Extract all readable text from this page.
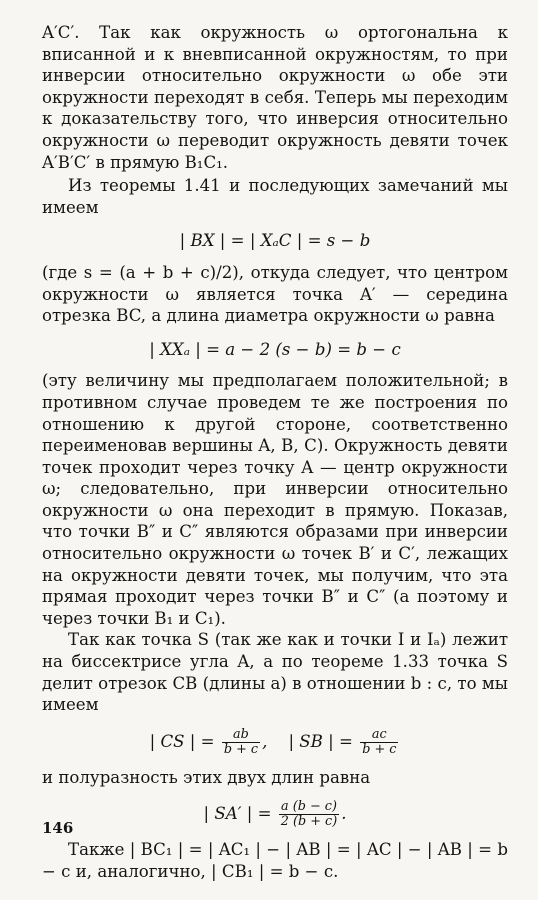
A′C′. Так как окружность ω ортогональна к вписанной и к вневписанной окружностям, то при инверсии относительно окружности ω обе эти окружности переходят в себя. Теперь мы переходим к доказательству того, что инверсия относительно окружности ω переводит окружность девяти точек A′B′C′ в прямую B₁C₁.

Из теоремы 1.41 и последующих замечаний мы имеем

| BX | = | XₐC | = s − b

(где s = (a + b + c)/2), откуда следует, что центром окружности ω является точка A′ — середина отрезка BC, а длина диаметра окружности ω равна

| XXₐ | = a − 2 (s − b) = b − c

(эту величину мы предполагаем положительной; в противном случае проведем те же построения по отношению к другой стороне, соответственно переименовав вершины A, B, C). Окружность девяти точек проходит через точку A — центр окружности ω; следовательно, при инверсии относительно окружности ω она переходит в прямую. Показав, что точки B″ и C″ являются образами при инверсии относительно окружности ω точек B′ и C′, лежащих на окружности девяти точек, мы получим, что эта прямая проходит через точки B″ и C″ (а поэтому и через точки B₁ и C₁).

Так как точка S (так же как и точки I и Iₐ) лежит на биссектрисе угла A, а по теореме 1.33 точка S делит отрезок CB (длины a) в отношении b : c, то мы имеем

| CS | = $\frac{ab}{b + c}$ ,    | SB | = $\frac{ac}{b + c}$

и полуразность этих двух длин равна

| SA′ | = $\frac{a (b - c)}{2 (b + c)}$ .

Также | BC₁ | = | AC₁ | − | AB | = | AC | − | AB | = b − c и, аналогично, | CB₁ | = b − c.

146
